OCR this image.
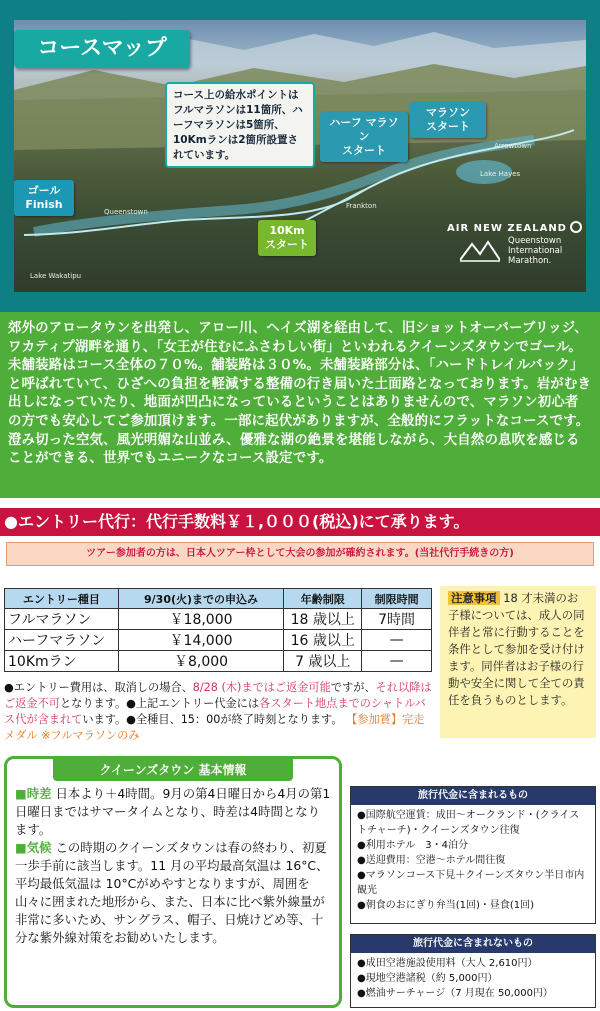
コースマップ
コース上の給水ポイントはフルマラソンは11箇所、ハーフマラソンは5箇所、10Kmランは2箇所設置されています。
ハーフ マラソン
スタート
マラソン
スタート
ゴール
Finish
10Km
スタート
Arrowtown
Lake Hayes
Queenstown
Frankton
Lake Wakatipu
AIR NEW ZEALAND
Queenstown International Marathon.
郊外のアロータウンを出発し、アロー川、ヘイズ湖を経由して、旧ショットオーバーブリッジ、ワカティプ湖畔を通り、「女王が住むにふさわしい街」といわれるクイーンズタウンでゴール。未舗装路はコース全体の７０%。舗装路は３０%。未舗装路部分は、「ハードトレイルバック」と呼ばれていて、ひざへの負担を軽減する整備の行き届いた土面路となっております。岩がむき出しになっていたり、地面が凹凸になっているということはありませんので、マラソン初心者の方でも安心してご参加頂けます。一部に起伏がありますが、全般的にフラットなコースです。澄み切った空気、風光明媚な山並み、優雅な湖の絶景を堪能しながら、大自然の息吹を感じることができる、世界でもユニークなコース設定です。
●エントリー代行：代行手数料￥１,０００(税込)にて承ります。
ツアー参加者の方は、日本人ツアー枠として大会の参加が確約されます。(当社代行手続きの方)
エントリー種目	9/30(火)までの申込み	年齢制限	制限時間
フルマラソン	￥18,000	18 歳以上	7時間
ハーフマラソン	￥14,000	16 歳以上	—
10Kmラン	￥8,000	7 歳以上	—
●エントリー費用は、取消しの場合、8/28 (木)まではご返金可能ですが、それ以降はご返金不可となります。●上記エントリー代金には各スタート地点までのシャトルバス代が含まれています。●全種目、15：00が終了時刻となります。 【参加賞】完走メダル ※フルマラソンのみ
注意事項 18 才未満のお子様については、成人の同伴者と常に行動することを条件として参加を受け付けます。同伴者はお子様の行動や安全に関して全ての責任を負うものとします。
クイーンズタウン 基本情報
■時差 日本より＋4時間。9月の第4日曜日から4月の第1日曜日まではサマータイムとなり、時差は4時間となります。
■気候 この時期のクイーンズタウンは春の終わり、初夏一歩手前に該当します。11 月の平均最高気温は 16°C、平均最低気温は 10°Cがめやすとなりますが、周囲を山々に囲まれた地形から、また、日本に比べ紫外線量が非常に多いため、サングラス、帽子、日焼けどめ等、十分な紫外線対策をお勧めいたします。
旅行代金に含まれるもの
●国際航空運賃：成田〜オークランド・(クライストチャーチ)・クイーンズタウン往復
●利用ホテル　3・4泊分
●送迎費用：空港〜ホテル間往復
●マラソンコース下見＋クイーンズタウン半日市内観光
●朝食のおにぎり弁当(1回)・昼食(1回)
旅行代金に含まれないもの
●成田空港施設使用料（大人 2,610円）
●現地空港諸税（約 5,000円）
●燃油サーチャージ（7 月現在 50,000円）
